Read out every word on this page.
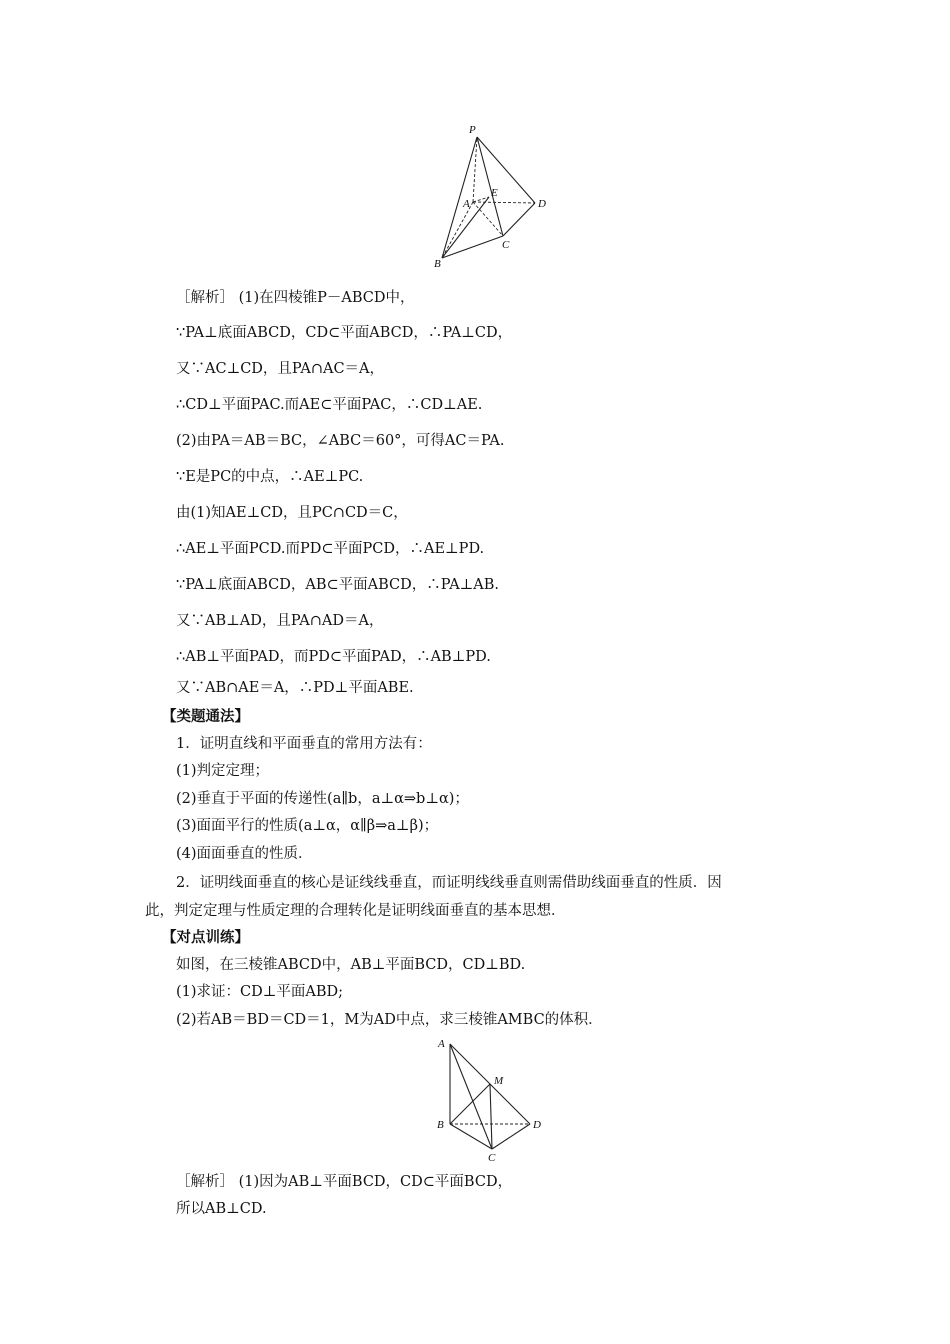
P
E
A	D
C
B
［解析］ (1)在四棱锥P－ABCD中，
∵PA⊥底面ABCD，CD⊂平面ABCD，∴PA⊥CD，
又∵AC⊥CD，且PA∩AC＝A，
∴CD⊥平面PAC.而AE⊂平面PAC，∴CD⊥AE.
(2)由PA＝AB＝BC，∠ABC＝60°，可得AC＝PA.
∵E是PC的中点，∴AE⊥PC.
由(1)知AE⊥CD，且PC∩CD＝C，
∴AE⊥平面PCD.而PD⊂平面PCD，∴AE⊥PD.
∵PA⊥底面ABCD，AB⊂平面ABCD，∴PA⊥AB.
又∵AB⊥AD，且PA∩AD＝A，
∴AB⊥平面PAD，而PD⊂平面PAD，∴AB⊥PD.
又∵AB∩AE＝A，∴PD⊥平面ABE.
【类题通法】
1．证明直线和平面垂直的常用方法有：
(1)判定定理；
(2)垂直于平面的传递性(a∥b，a⊥α⇒b⊥α)；
(3)面面平行的性质(a⊥α，α∥β⇒a⊥β)；
(4)面面垂直的性质．
2．证明线面垂直的核心是证线线垂直，而证明线线垂直则需借助线面垂直的性质．因
此，判定定理与性质定理的合理转化是证明线面垂直的基本思想．
【对点训练】
如图，在三棱锥ABCD中，AB⊥平面BCD，CD⊥BD.
(1)求证：CD⊥平面ABD;
(2)若AB＝BD＝CD＝1，M为AD中点，求三棱锥AMBC的体积．
A
M
B	D
C
［解析］ (1)因为AB⊥平面BCD，CD⊂平面BCD，
所以AB⊥CD.
